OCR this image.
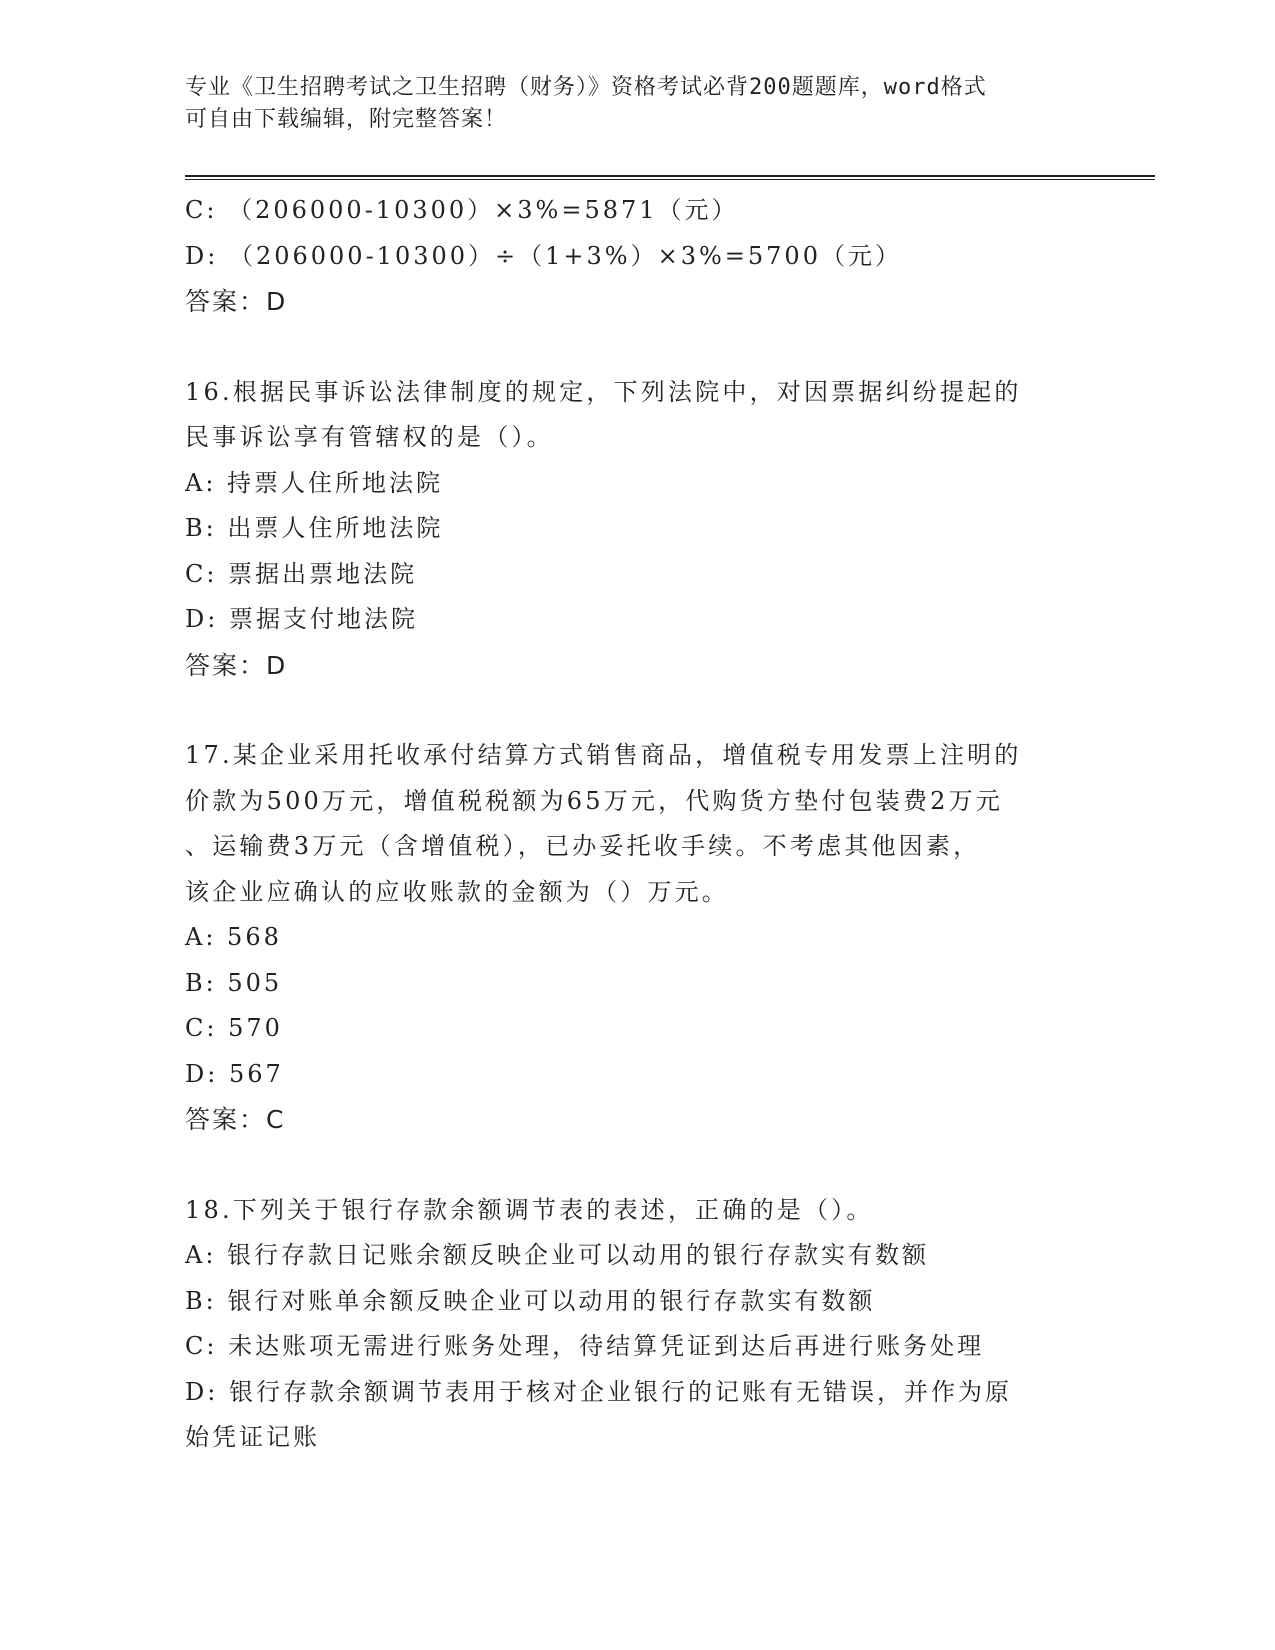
专业《卫生招聘考试之卫生招聘（财务）》资格考试必背200题题库，word格式
可自由下载编辑，附完整答案！
C: （206000-10300）×3%=5871（元）
D: （206000-10300）÷（1+3%）×3%=5700（元）
答案：D
16.根据民事诉讼法律制度的规定，下列法院中，对因票据纠纷提起的
民事诉讼享有管辖权的是（）。
A: 持票人住所地法院
B: 出票人住所地法院
C: 票据出票地法院
D: 票据支付地法院
答案：D
17.某企业采用托收承付结算方式销售商品，增值税专用发票上注明的
价款为500万元，增值税税额为65万元，代购货方垫付包装费2万元
、运输费3万元（含增值税），已办妥托收手续。不考虑其他因素，
该企业应确认的应收账款的金额为（）万元。
A: 568
B: 505
C: 570
D: 567
答案：C
18.下列关于银行存款余额调节表的表述，正确的是（）。
A: 银行存款日记账余额反映企业可以动用的银行存款实有数额
B: 银行对账单余额反映企业可以动用的银行存款实有数额
C: 未达账项无需进行账务处理，待结算凭证到达后再进行账务处理
D: 银行存款余额调节表用于核对企业银行的记账有无错误，并作为原
始凭证记账
